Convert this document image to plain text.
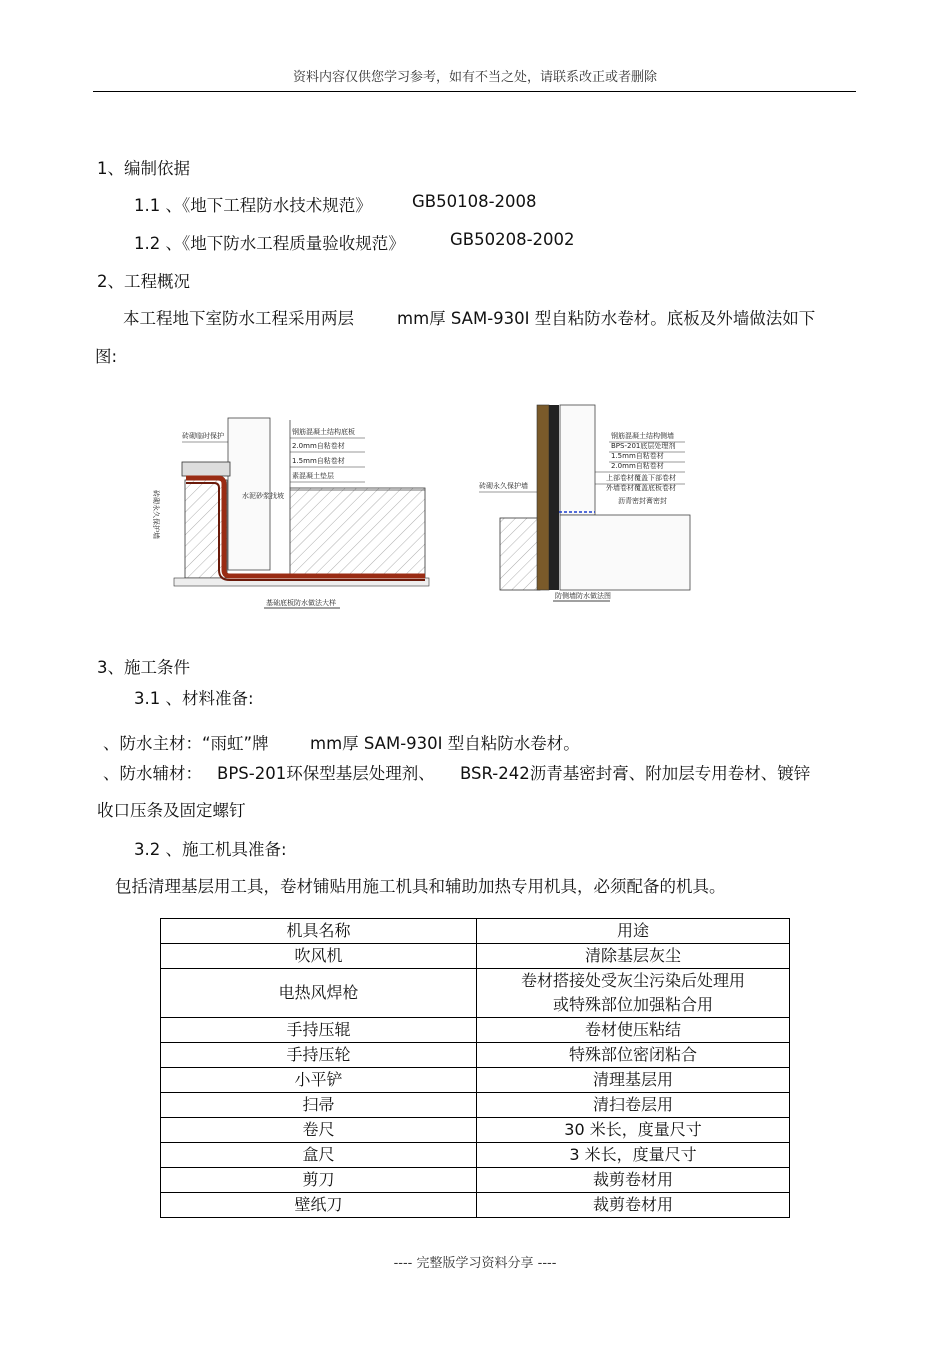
资料内容仅供您学习参考，如有不当之处，请联系改正或者删除
1、编制依据
1.1 、《地下工程防水技术规范》 GB50108-2008
1.2 、《地下防水工程质量验收规范》	GB50208-2002
2、工程概况
本工程地下室防水工程采用两层	mm厚 SAM-930Ⅰ 型自粘防水卷材。底板及外墙做法如下
图:
砖砌临时保护	钢筋混凝土结构底板
2.0mm自粘卷材
1.5mm自粘卷材
素混凝土垫层
水泥砂浆找坡
砖砌永久保护墙
基础底板防水做法大样
钢筋混凝土结构侧墙
BPS-201底层处理剂
1.5mm自粘卷材
2.0mm自粘卷材
上部卷材覆盖下部卷材
外墙卷材覆盖底板卷材
沥青密封膏密封
砖砌永久保护墙
防侧墙防水做法图
3、施工条件
3.1 、材料准备:
、防水主材：“雨虹”牌	mm厚 SAM-930Ⅰ 型自粘防水卷材。
、防水辅材： BPS-201环保型基层处理剂、 BSR-242沥青基密封膏、附加层专用卷材、镀锌
收口压条及固定螺钉
3.2 、施工机具准备:
包括清理基层用工具，卷材铺贴用施工机具和辅助加热专用机具，必须配备的机具。
机具名称	用途
吹风机	清除基层灰尘
电热风焊枪	卷材搭接处受灰尘污染后处理用
或特殊部位加强粘合用
手持压辊	卷材使压粘结
手持压轮	特殊部位密闭粘合
小平铲	清理基层用
扫帚	清扫卷层用
卷尺	30 米长，度量尺寸
盒尺	3 米长，度量尺寸
剪刀	裁剪卷材用
壁纸刀	裁剪卷材用
---- 完整版学习资料分享 ----
